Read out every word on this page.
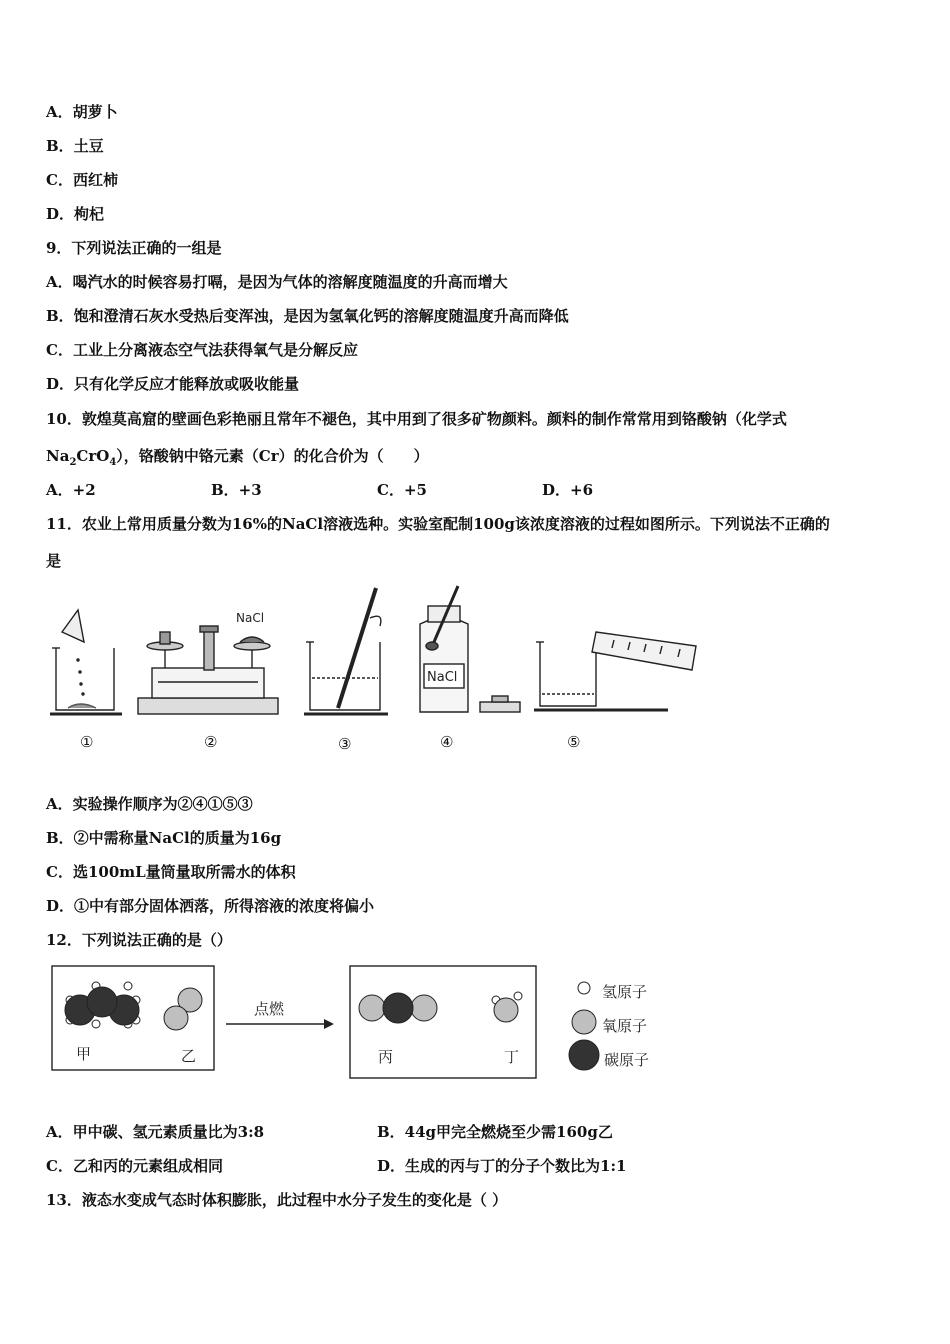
A．胡萝卜
B．土豆
C．西红柿
D．枸杞
9．下列说法正确的一组是
A．喝汽水的时候容易打嗝，是因为气体的溶解度随温度的升高而增大
B．饱和澄清石灰水受热后变浑浊，是因为氢氧化钙的溶解度随温度升高而降低
C．工业上分离液态空气法获得氧气是分解反应
D．只有化学反应才能释放或吸收能量
10．敦煌莫高窟的壁画色彩艳丽且常年不褪色，其中用到了很多矿物颜料。颜料的制作常常用到铬酸钠（化学式
$Na_2CrO_4$），铬酸钠中铬元素（Cr）的化合价为（　　）
A．+2	B．+3	C．+5	D．+6
11．农业上常用质量分数为16%的NaCl溶液选种。实验室配制100g该浓度溶液的过程如图所示。下列说法不正确的
是
NaCl
NaCl
①	②	③	④	⑤
A．实验操作顺序为②④①⑤③
B．②中需称量NaCl的质量为16g
C．选100mL量筒量取所需水的体积
D．①中有部分固体洒落，所得溶液的浓度将偏小
12．下列说法正确的是（）
甲	乙
点燃
丙	丁
氢原子
氧原子
碳原子
A．甲中碳、氢元素质量比为3:8	B．44g甲完全燃烧至少需160g乙
C．乙和丙的元素组成相同	D．生成的丙与丁的分子个数比为1:1
13．液态水变成气态时体积膨胀，此过程中水分子发生的变化是（ ）
